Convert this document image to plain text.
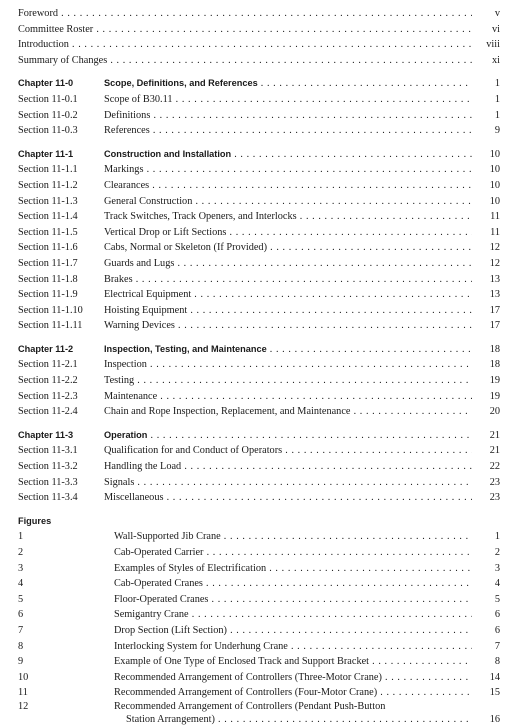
Foreword . . .	v
Committee Roster . . .	vi
Introduction . . .	viii
Summary of Changes . . .	xi
Chapter 11-0	Scope, Definitions, and References . . .	1
Section 11-0.1	Scope of B30.11 . . .	1
Section 11-0.2	Definitions . . .	1
Section 11-0.3	References . . .	9
Chapter 11-1	Construction and Installation . . .	10
Section 11-1.1	Markings . . .	10
Section 11-1.2	Clearances . . .	10
Section 11-1.3	General Construction . . .	10
Section 11-1.4	Track Switches, Track Openers, and Interlocks . . .	11
Section 11-1.5	Vertical Drop or Lift Sections . . .	11
Section 11-1.6	Cabs, Normal or Skeleton (If Provided) . . .	12
Section 11-1.7	Guards and Lugs . . .	12
Section 11-1.8	Brakes . . .	13
Section 11-1.9	Electrical Equipment . . .	13
Section 11-1.10 Hoisting Equipment . . .	17
Section 11-1.11 Warning Devices . . .	17
Chapter 11-2	Inspection, Testing, and Maintenance . . .	18
Section 11-2.1	Inspection . . .	18
Section 11-2.2	Testing . . .	19
Section 11-2.3	Maintenance . . .	19
Section 11-2.4	Chain and Rope Inspection, Replacement, and Maintenance . . .	20
Chapter 11-3	Operation . . .	21
Section 11-3.1	Qualification for and Conduct of Operators . . .	21
Section 11-3.2	Handling the Load . . .	22
Section 11-3.3	Signals . . .	23
Section 11-3.4	Miscellaneous . . .	23
Figures
1	Wall-Supported Jib Crane . . .	1
2	Cab-Operated Carrier . . .	2
3	Examples of Styles of Electrification . . .	3
4	Cab-Operated Cranes . . .	4
5	Floor-Operated Cranes . . .	5
6	Semigantry Crane . . .	6
7	Drop Section (Lift Section) . . .	6
8	Interlocking System for Underhung Crane . . .	7
9	Example of One Type of Enclosed Track and Support Bracket . . .	8
10	Recommended Arrangement of Controllers (Three-Motor Crane) . . .	14
11	Recommended Arrangement of Controllers (Four-Motor Crane) . . .	15
12	Recommended Arrangement of Controllers (Pendant Push-Button
Station Arrangement) . . .	16
